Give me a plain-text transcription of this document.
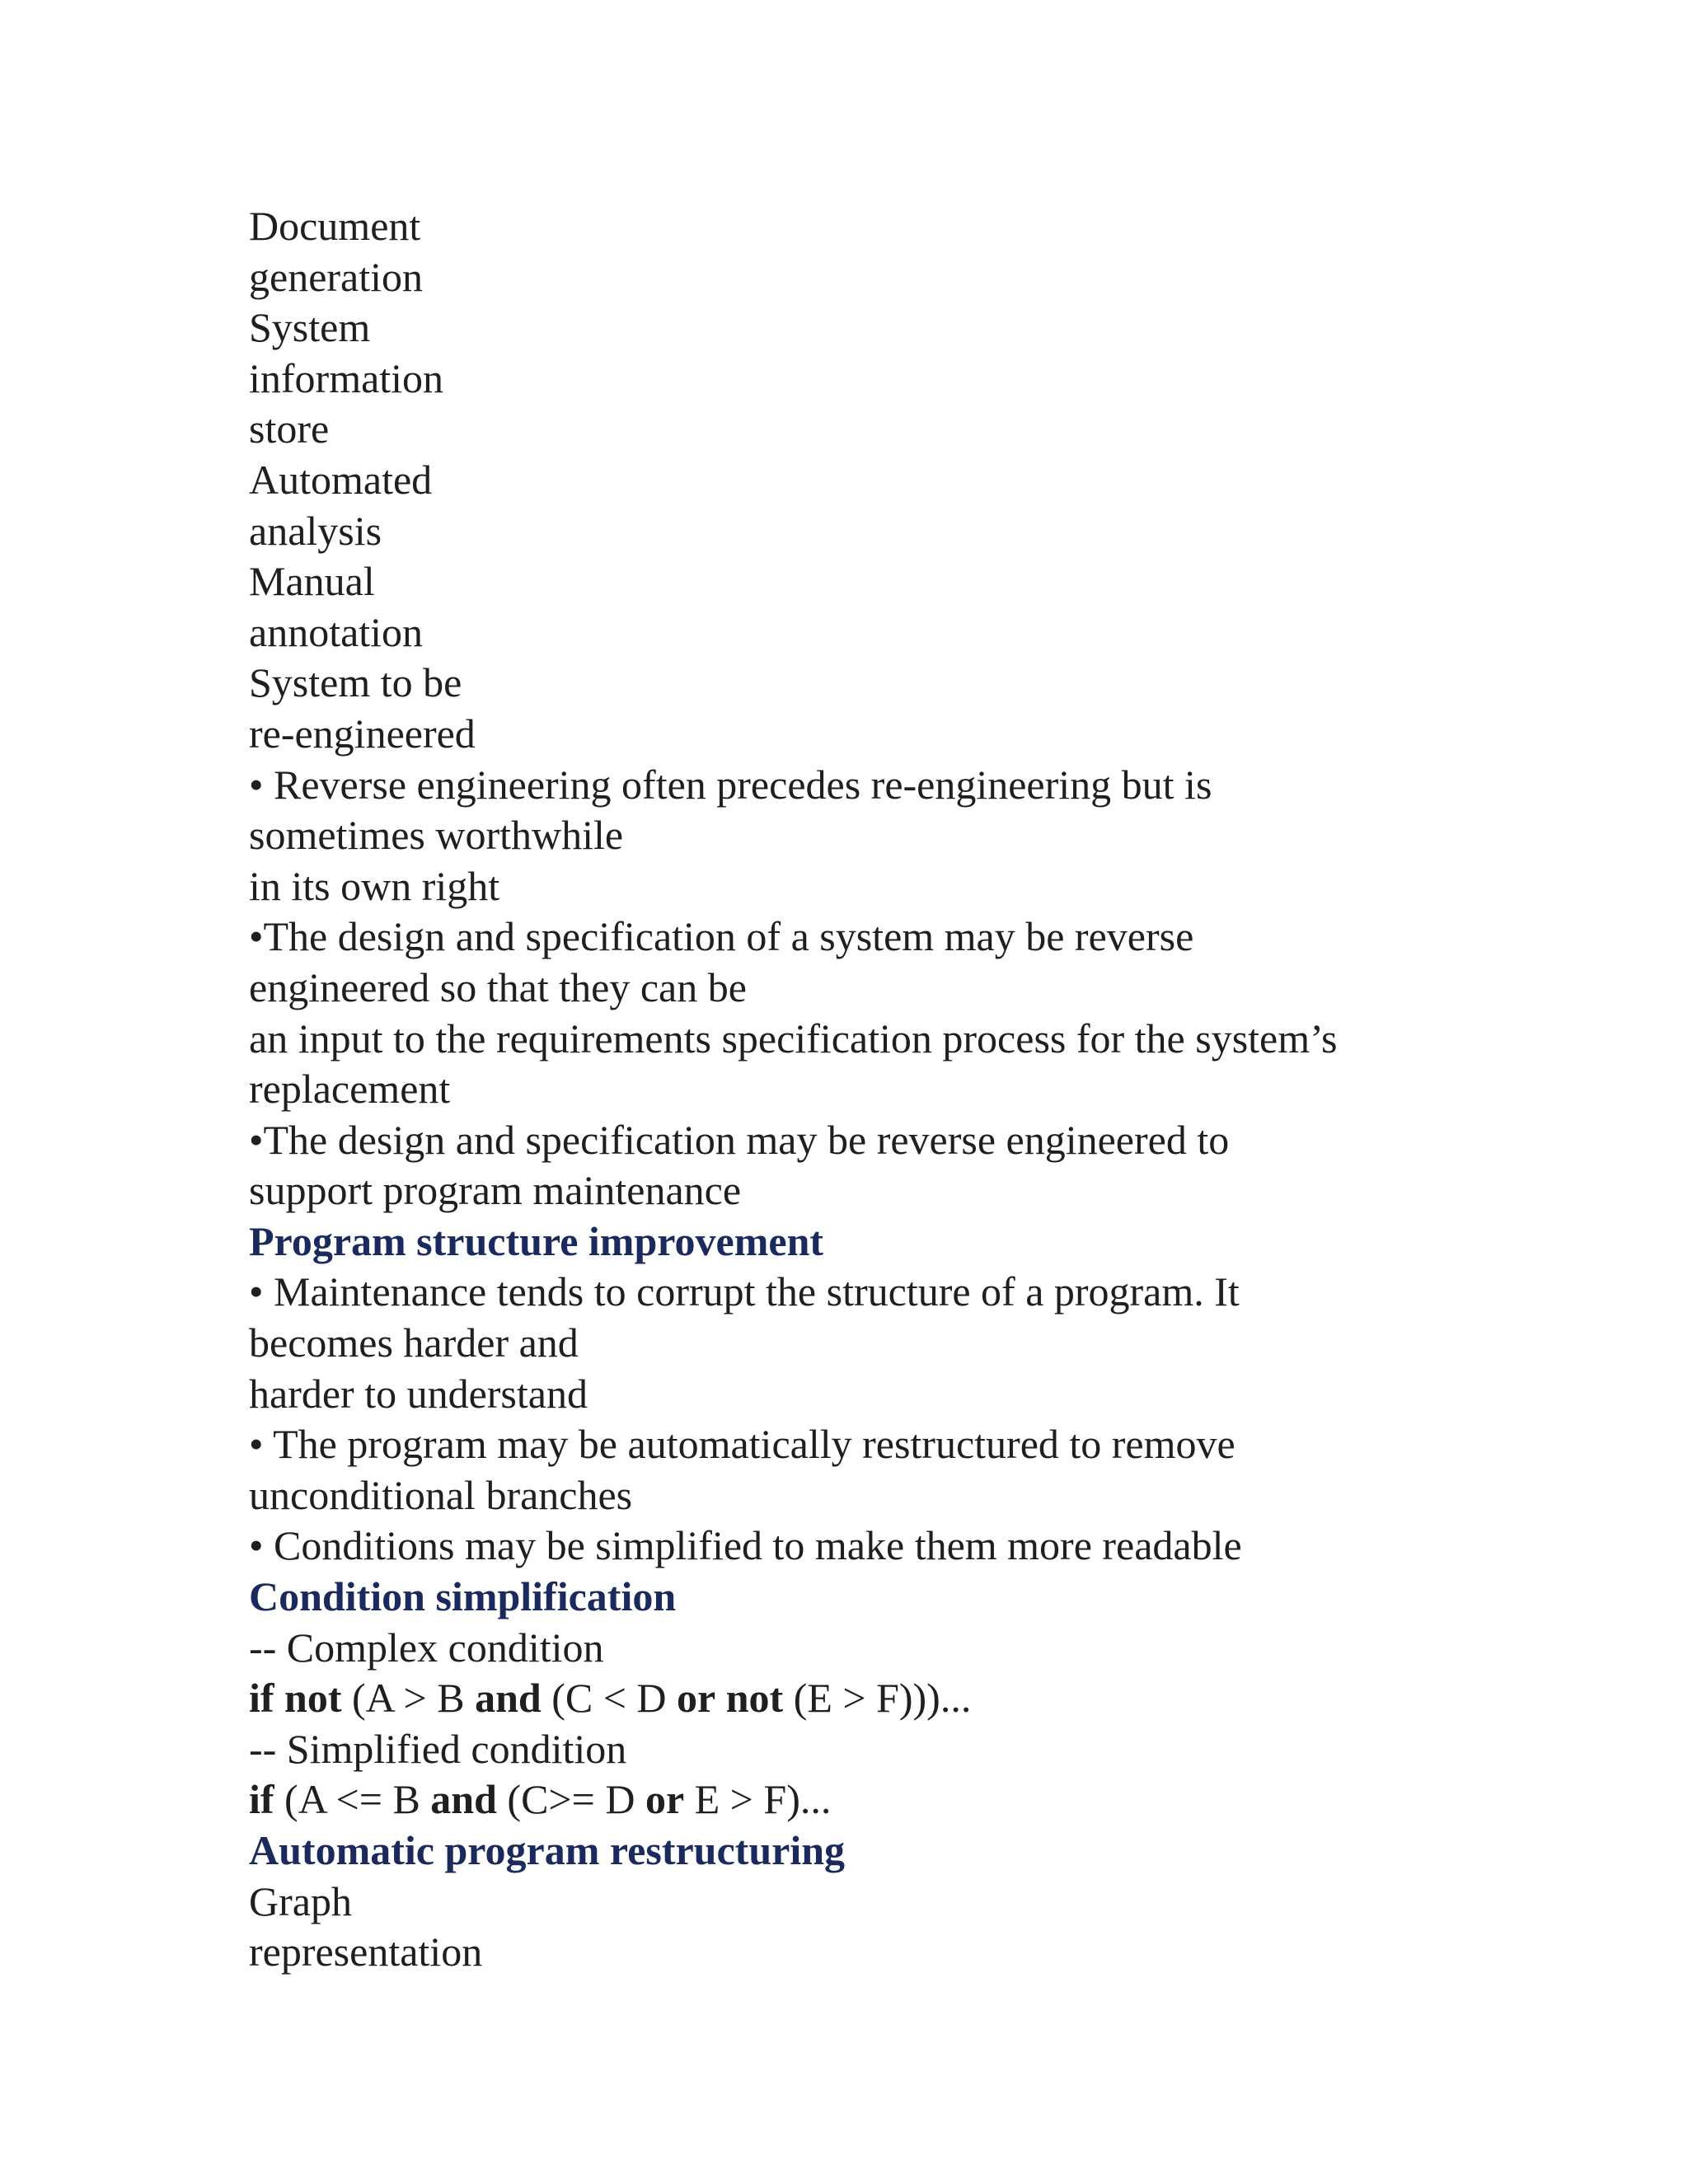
Document
generation
System
information
store
Automated
analysis
Manual
annotation
System to be
re-engineered
• Reverse engineering often precedes re-engineering but is
sometimes worthwhile
in its own right
•The design and specification of a system may be reverse
engineered so that they can be
an input to the requirements specification process for the system’s
replacement
•The design and specification may be reverse engineered to
support program maintenance
Program structure improvement
• Maintenance tends to corrupt the structure of a program. It
becomes harder and
harder to understand
• The program may be automatically restructured to remove
unconditional branches
• Conditions may be simplified to make them more readable
Condition simplification
-- Complex condition
if not (A > B and (C < D or not (E > F)))...
-- Simplified condition
if (A <= B and (C>= D or E > F)...
Automatic program restructuring
Graph
representation
